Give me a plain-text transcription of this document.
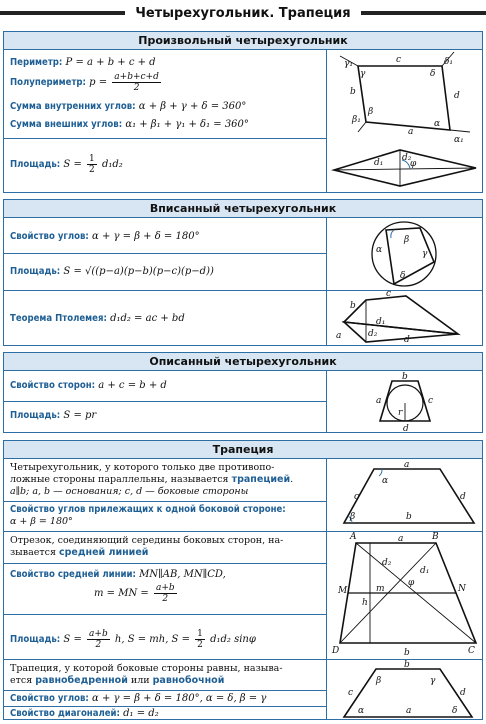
Четырехугольник. Трапеция
Произвольный четырехугольник
Периметр: P = a + b + c + d
Полупериметр: $p = \frac{a+b+c+d}{2}$
Сумма внутренних углов: α + β + γ + δ = 360°
Сумма внешних углов: α₁ + β₁ + γ₁ + δ₁ = 360°
Площадь: $S = \frac{1}{2} d_1d_2$
γ₁
γ
c
δ
δ₁
d
α
α₁
a
β
β₁
b
d₁ d₂
φ
Вписанный четырехугольник
Свойство углов: α + γ = β + δ = 180°
Площадь: S = √((p−a)(p−b)(p−c)(p−d))
Теорема Птолемея: d₁d₂ = ac + bd
α
β
γ
δ
b
c
a	d
d₁
d₂
Описанный четырехугольник
Свойство сторон: a + c = b + d
Площадь: S = pr
b
a	c
d
r
Трапеция
Четырехугольник, у которого только две противопо-
ложные стороны параллельны, называется трапецией.
a∥b; a, b — основания; c, d — боковые стороны
Свойство углов прилежащих к одной боковой стороне:
α + β = 180°
Отрезок, соединяющий середины боковых сторон, на-
зывается средней линией
Свойство средней линии: MN∥AB, MN∥CD,
m = MN = $\frac{a+b}{2}$
Площадь: $S = \frac{a+b}{2} h$, S = mh, $S = \frac{1}{2} d_1d_2$ sinφ
Трапеция, у которой боковые стороны равны, называ-
ется равнобедренной или равнобочной
Свойство углов: α + γ = β + δ = 180°, α = δ, β = γ
Свойство диагоналей: d₁ = d₂
a
α
c	d
β	b
A	B
C
D
M	N
a
b
h
m
d₂
d₁
φ
b
β	γ
c	d
α	δ
a
